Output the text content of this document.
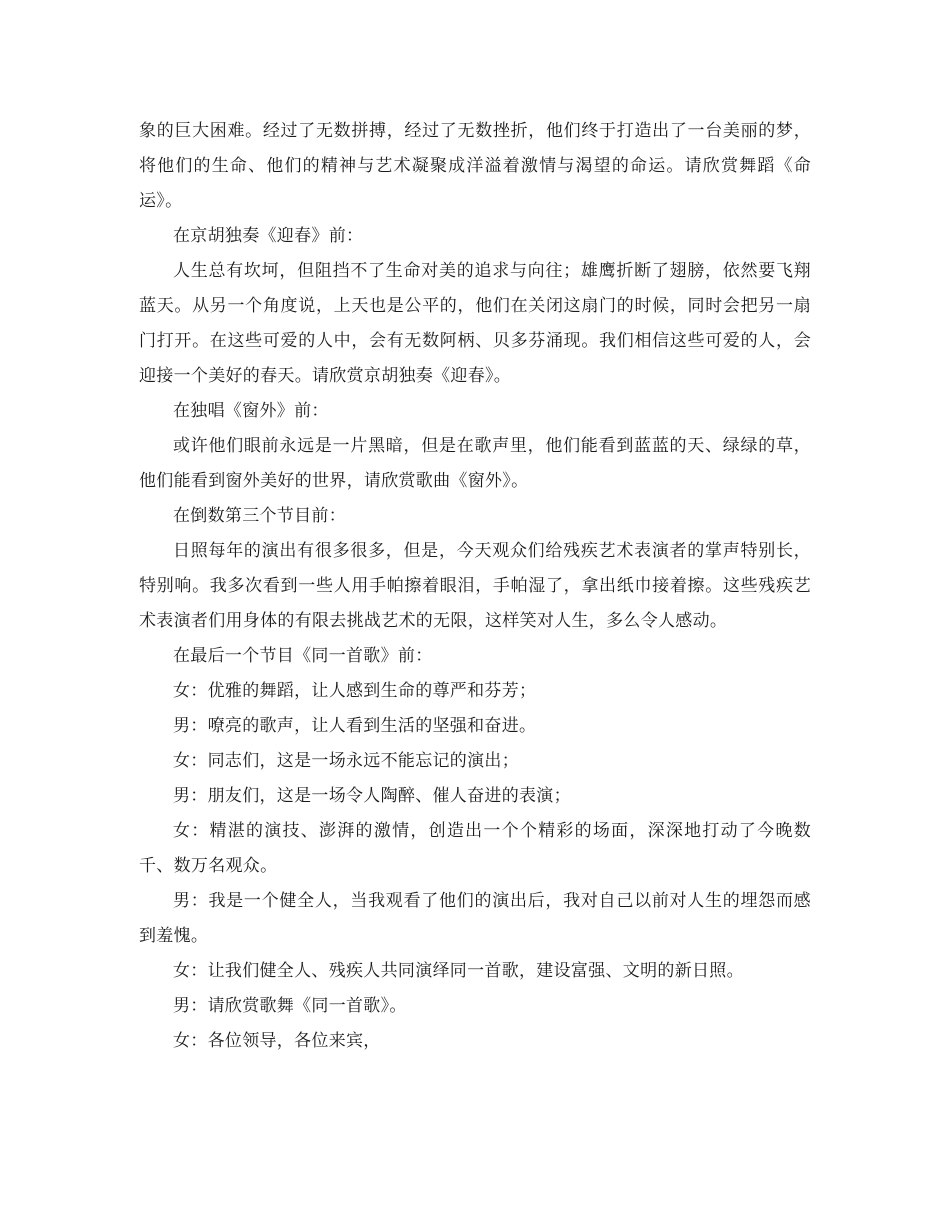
象的巨大困难。经过了无数拼搏，经过了无数挫折，他们终于打造出了一台美丽的梦，将他们的生命、他们的精神与艺术凝聚成洋溢着激情与渴望的命运。请欣赏舞蹈《命运》。

在京胡独奏《迎春》前：

人生总有坎坷，但阻挡不了生命对美的追求与向往；雄鹰折断了翅膀，依然要飞翔蓝天。从另一个角度说，上天也是公平的，他们在关闭这扇门的时候，同时会把另一扇门打开。在这些可爱的人中，会有无数阿柄、贝多芬涌现。我们相信这些可爱的人，会迎接一个美好的春天。请欣赏京胡独奏《迎春》。

在独唱《窗外》前：

或许他们眼前永远是一片黑暗，但是在歌声里，他们能看到蓝蓝的天、绿绿的草，他们能看到窗外美好的世界，请欣赏歌曲《窗外》。

在倒数第三个节目前：

日照每年的演出有很多很多，但是，今天观众们给残疾艺术表演者的掌声特别长，特别响。我多次看到一些人用手帕擦着眼泪，手帕湿了，拿出纸巾接着擦。这些残疾艺术表演者们用身体的有限去挑战艺术的无限，这样笑对人生，多么令人感动。

在最后一个节目《同一首歌》前：

女：优雅的舞蹈，让人感到生命的尊严和芬芳；

男：嘹亮的歌声，让人看到生活的坚强和奋进。

女：同志们，这是一场永远不能忘记的演出；

男：朋友们，这是一场令人陶醉、催人奋进的表演；

女：精湛的演技、澎湃的激情，创造出一个个精彩的场面，深深地打动了今晚数千、数万名观众。

男：我是一个健全人，当我观看了他们的演出后，我对自己以前对人生的埋怨而感到羞愧。

女：让我们健全人、残疾人共同演绎同一首歌，建设富强、文明的新日照。

男：请欣赏歌舞《同一首歌》。

女：各位领导，各位来宾，
